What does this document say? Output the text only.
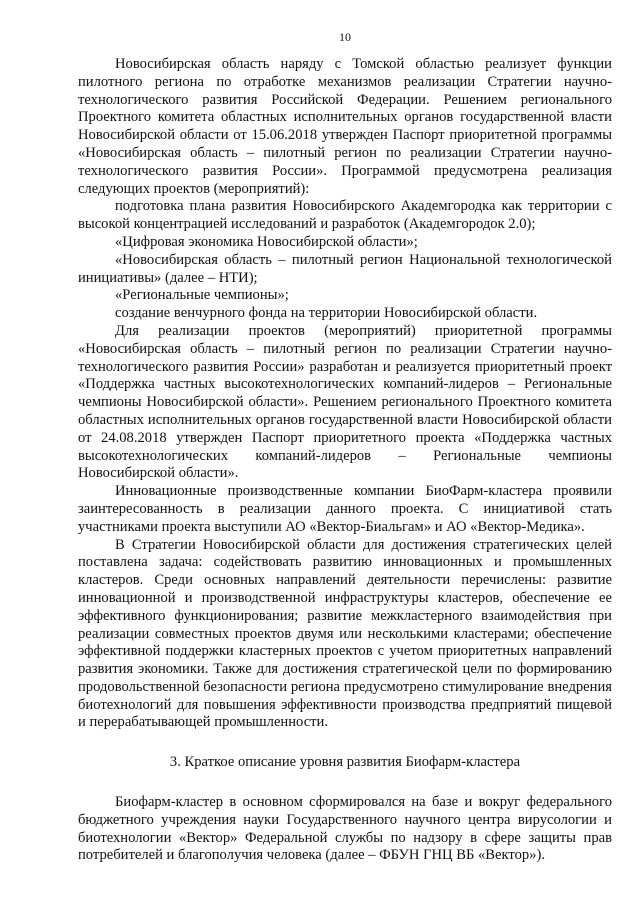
10

Новосибирская область наряду с Томской областью реализует функции пилотного региона по отработке механизмов реализации Стратегии научно-технологического развития Российской Федерации. Решением регионального Проектного комитета областных исполнительных органов государственной власти Новосибирской области от 15.06.2018 утвержден Паспорт приоритетной программы «Новосибирская область – пилотный регион по реализации Стратегии научно-технологического развития России». Программой предусмотрена реализация следующих проектов (мероприятий):

подготовка плана развития Новосибирского Академгородка как территории с высокой концентрацией исследований и разработок (Академгородок 2.0);

«Цифровая экономика Новосибирской области»;

«Новосибирская область – пилотный регион Национальной технологической инициативы» (далее – НТИ);

«Региональные чемпионы»;

создание венчурного фонда на территории Новосибирской области.

Для реализации проектов (мероприятий) приоритетной программы «Новосибирская область – пилотный регион по реализации Стратегии научно-технологического развития России» разработан и реализуется приоритетный проект «Поддержка частных высокотехнологических компаний-лидеров – Региональные чемпионы Новосибирской области». Решением регионального Проектного комитета областных исполнительных органов государственной власти Новосибирской области от 24.08.2018 утвержден Паспорт приоритетного проекта «Поддержка частных высокотехнологических компаний-лидеров – Региональные чемпионы Новосибирской области».

Инновационные производственные компании БиоФарм-кластера проявили заинтересованность в реализации данного проекта. С инициативой стать участниками проекта выступили АО «Вектор-Биальгам» и АО «Вектор-Медика».

В Стратегии Новосибирской области для достижения стратегических целей поставлена задача: содействовать развитию инновационных и промышленных кластеров. Среди основных направлений деятельности перечислены: развитие инновационной и производственной инфраструктуры кластеров, обеспечение ее эффективного функционирования; развитие межкластерного взаимодействия при реализации совместных проектов двумя или несколькими кластерами; обеспечение эффективной поддержки кластерных проектов с учетом приоритетных направлений развития экономики. Также для достижения стратегической цели по формированию продовольственной безопасности региона предусмотрено стимулирование внедрения биотехнологий для повышения эффективности производства предприятий пищевой и перерабатывающей промышленности.

3. Краткое описание уровня развития Биофарм-кластера

Биофарм-кластер в основном сформировался на базе и вокруг федерального бюджетного учреждения науки Государственного научного центра вирусологии и биотехнологии «Вектор» Федеральной службы по надзору в сфере защиты прав потребителей и благополучия человека (далее – ФБУН ГНЦ ВБ «Вектор»).
